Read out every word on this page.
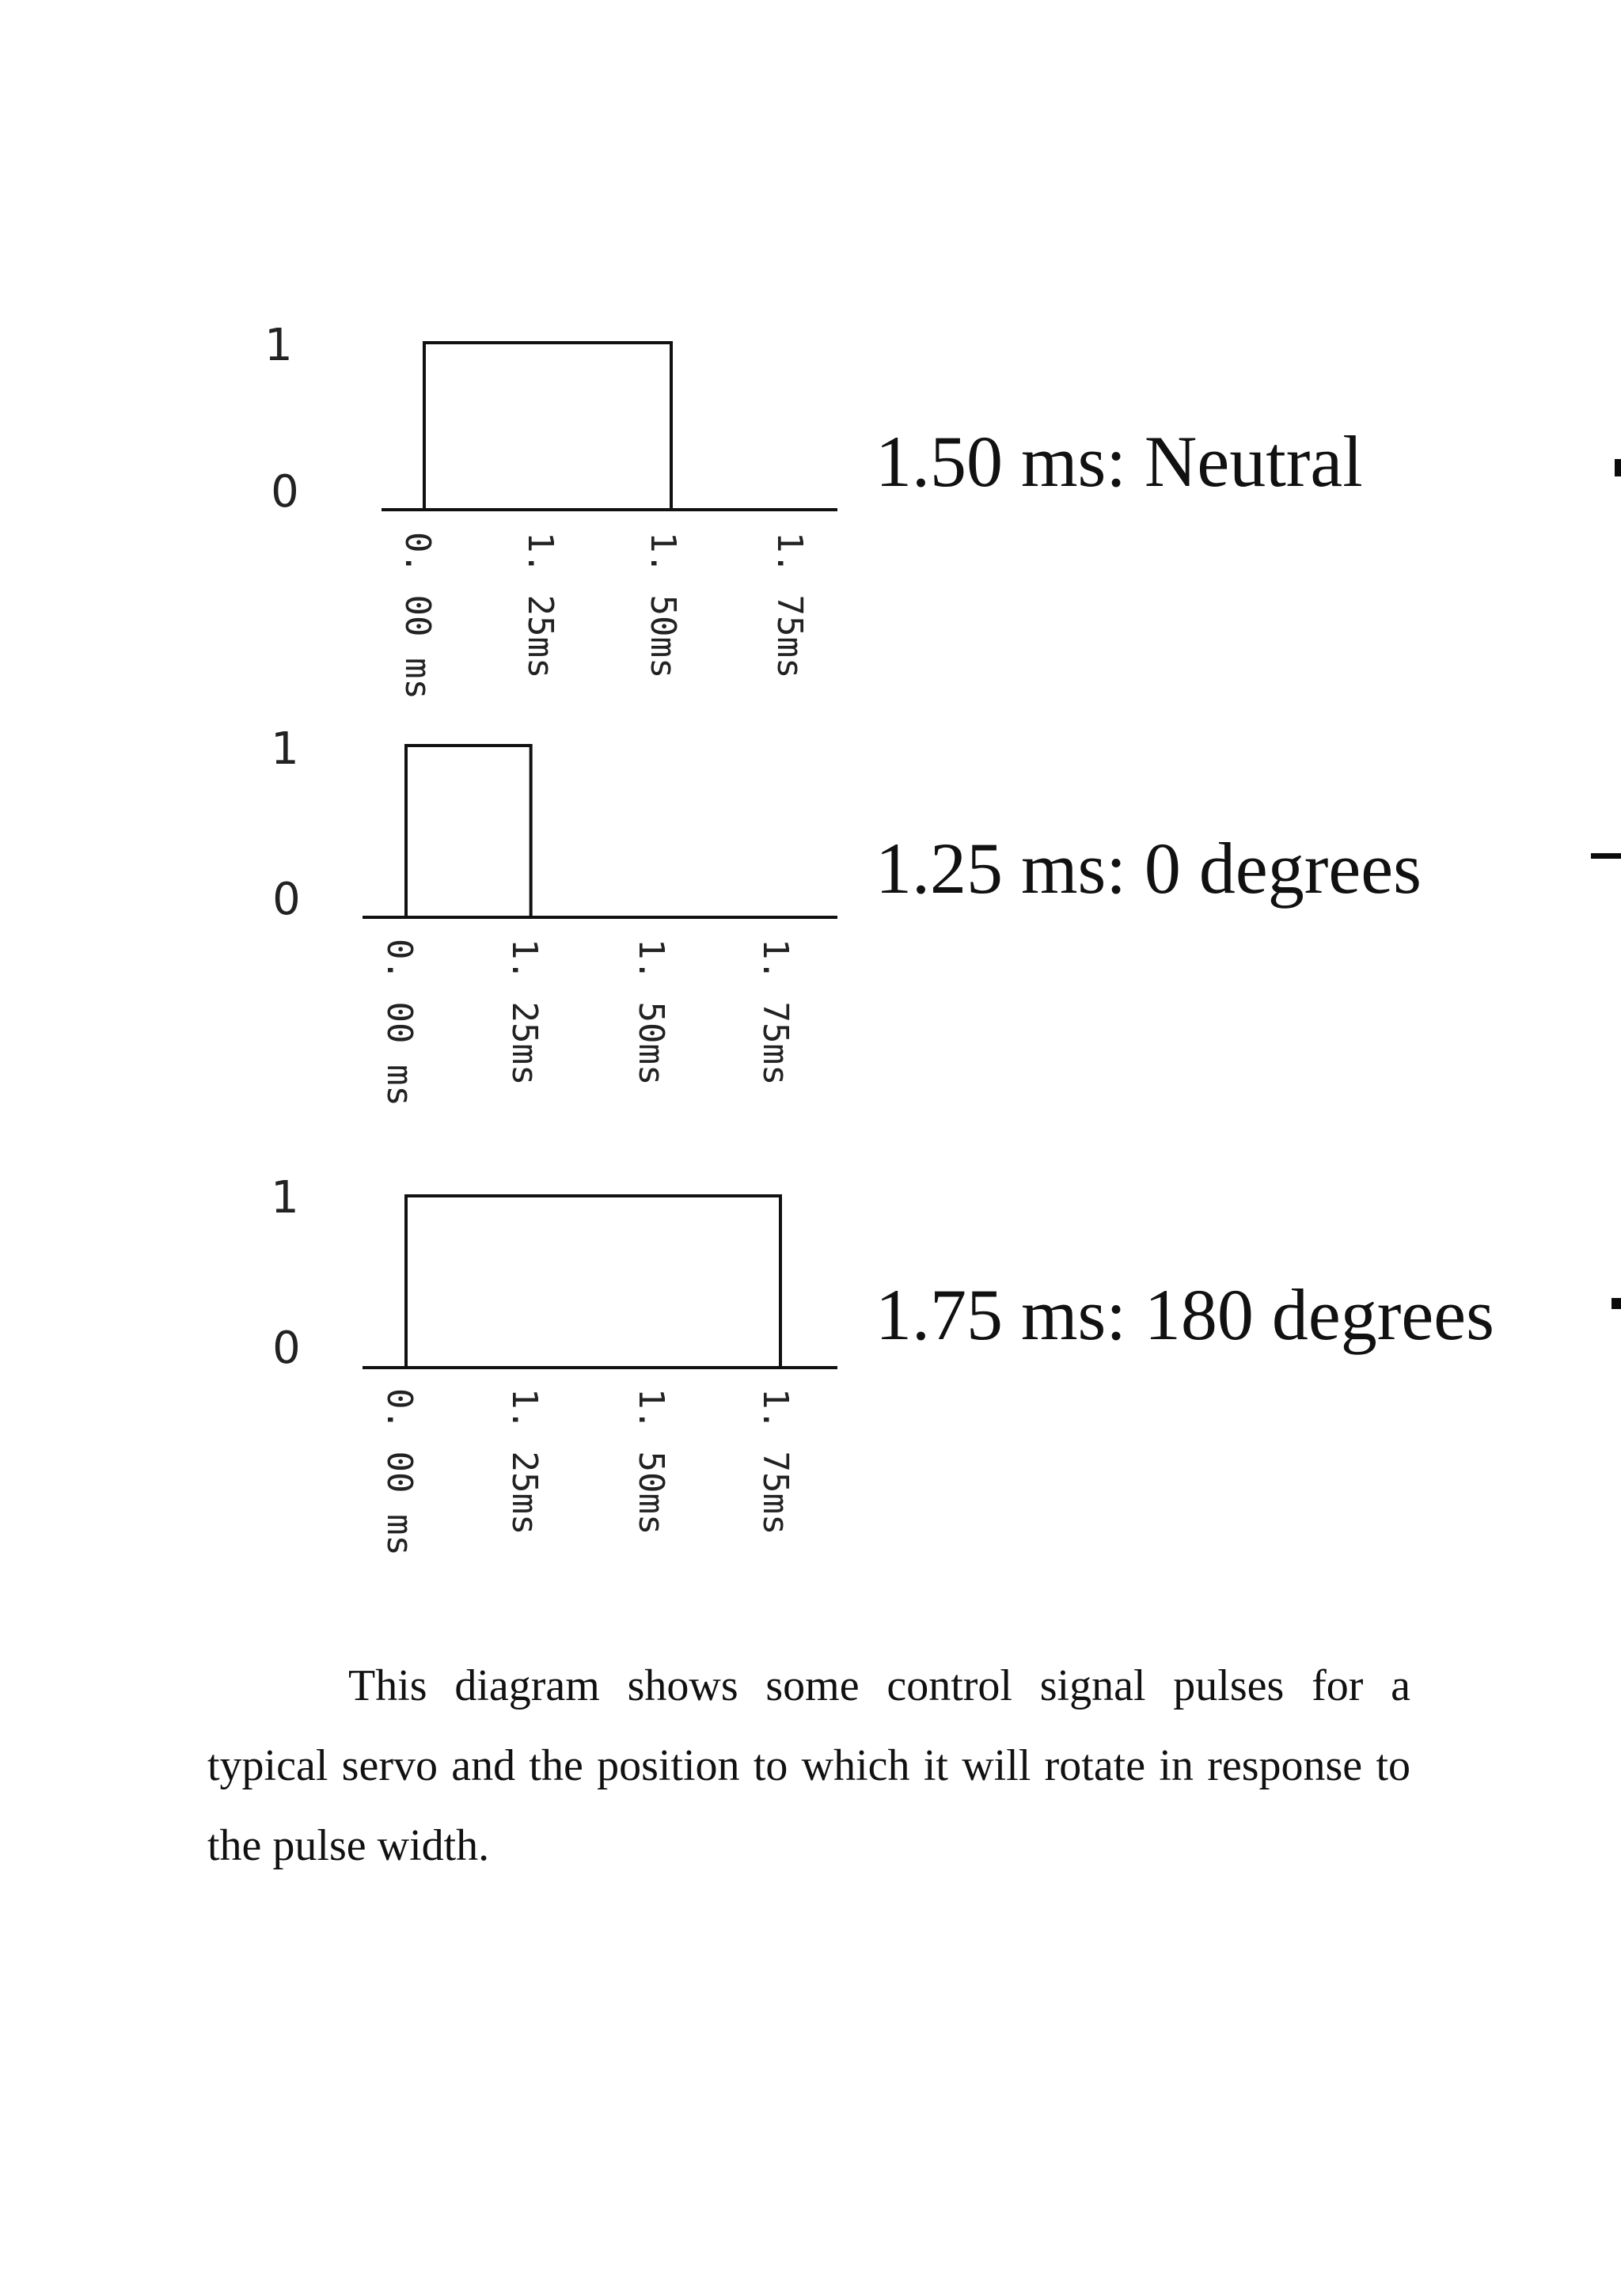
1
0
0. 00 ms 1. 25ms 1. 50ms 1. 75ms
1.50 ms: Neutral
1
0
0. 00 ms 1. 25ms 1. 50ms 1. 75ms
1.25 ms: 0 degrees
1
0
0. 00 ms 1. 25ms 1. 50ms 1. 75ms
1.75 ms: 180 degrees

This diagram shows some control signal pulses for a typical servo and the position to which it will rotate in response to the pulse width.
